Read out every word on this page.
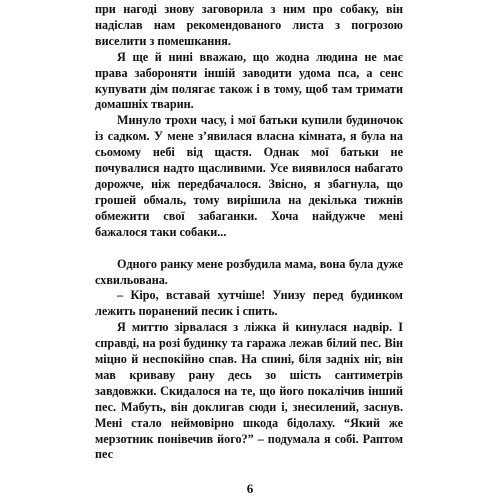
при нагоді знову заговорила з ним про собаку, він надіслав нам рекомендованого листа з погрозою виселити з помешкання.

Я ще й нині вважаю, що жодна людина не має права забороняти іншій заводити удома пса, а сенс купувати дім полягає також і в тому, щоб там тримати домашніх тварин.

Минуло трохи часу, і мої батьки купили будиночок із садком. У мене з’явилася власна кімната, я була на сьомому небі від щастя. Однак мої батьки не почувалися надто щасливими. Усе виявилося набагато дорожче, ніж передбачалося. Звісно, я збагнула, що грошей обмаль, тому вирішила на декілька тижнів обмежити свої забаганки. Хоча найдужче мені бажалося таки собаки...

Одного ранку мене розбудила мама, вона була дуже схвильована.

– Кіро, вставай хутчіше! Унизу перед будинком лежить поранений песик і спить.

Я миттю зірвалася з ліжка й кинулася надвір. І справді, на розі будинку та гаража лежав білий пес. Він міцно й неспокійно спав. На спині, біля задніх ніг, він мав криваву рану десь зо шість сантиметрів завдовжки. Скидалося на те, що його покалічив інший пес. Мабуть, він доклигав сюди і, знесилений, заснув. Мені стало неймовірно шкода бідолаху. “Який же мерзотник понівечив його?” – подумала я собі. Раптом пес

6
